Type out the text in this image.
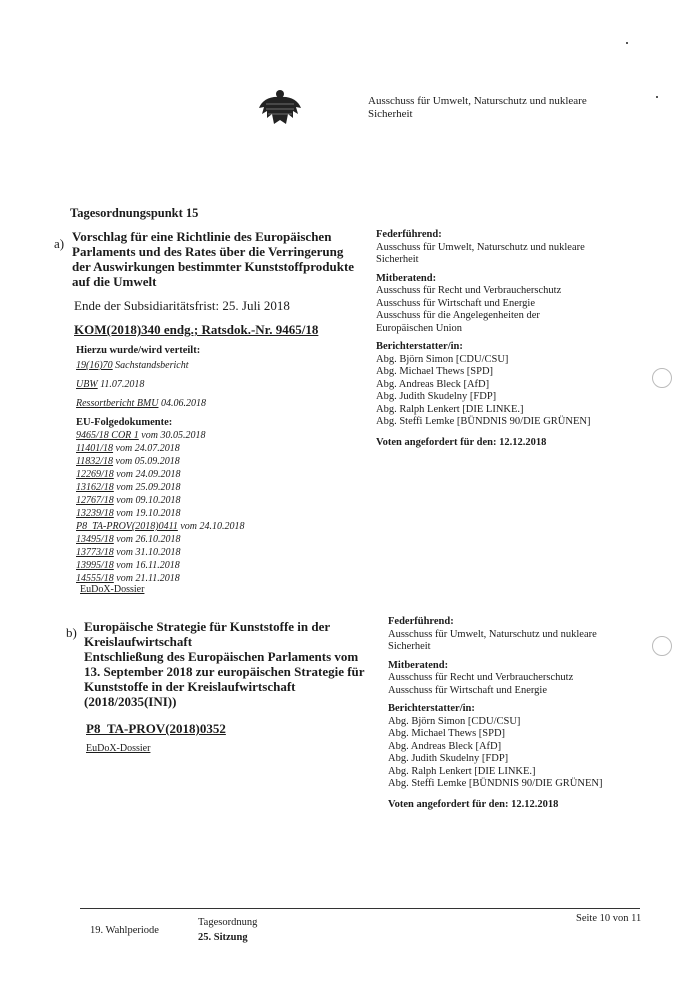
Ausschuss für Umwelt, Naturschutz und nukleare
Sicherheit
Tagesordnungspunkt 15
a) Vorschlag für eine Richtlinie des Europäischen
Parlaments und des Rates über die Verringerung
der Auswirkungen bestimmter Kunststoffprodukte
auf die Umwelt
Ende der Subsidiaritätsfrist: 25. Juli 2018
KOM(2018)340 endg.; Ratsdok.-Nr. 9465/18
Hierzu wurde/wird verteilt:
19(16)70 Sachstandsbericht
UBW 11.07.2018
Ressortbericht BMU 04.06.2018
EU-Folgedokumente:
9465/18 COR 1 vom 30.05.2018
11401/18 vom 24.07.2018
11832/18 vom 05.09.2018
12269/18 vom 24.09.2018
13162/18 vom 25.09.2018
12767/18 vom 09.10.2018
13239/18 vom 19.10.2018
P8_TA-PROV(2018)0411 vom 24.10.2018
13495/18 vom 26.10.2018
13773/18 vom 31.10.2018
13995/18 vom 16.11.2018
14555/18 vom 21.11.2018
EuDoX-Dossier
Federführend:
Ausschuss für Umwelt, Naturschutz und nukleare
Sicherheit
Mitberatend:
Ausschuss für Recht und Verbraucherschutz
Ausschuss für Wirtschaft und Energie
Ausschuss für die Angelegenheiten der
Europäischen Union
Berichterstatter/in:
Abg. Björn Simon [CDU/CSU]
Abg. Michael Thews [SPD]
Abg. Andreas Bleck [AfD]
Abg. Judith Skudelny [FDP]
Abg. Ralph Lenkert [DIE LINKE.]
Abg. Steffi Lemke [BÜNDNIS 90/DIE GRÜNEN]
Voten angefordert für den: 12.12.2018
b) Europäische Strategie für Kunststoffe in der
Kreislaufwirtschaft
Entschließung des Europäischen Parlaments vom
13. September 2018 zur europäischen Strategie für
Kunststoffe in der Kreislaufwirtschaft
(2018/2035(INI))
P8_TA-PROV(2018)0352
EuDoX-Dossier
Federführend:
Ausschuss für Umwelt, Naturschutz und nukleare
Sicherheit
Mitberatend:
Ausschuss für Recht und Verbraucherschutz
Ausschuss für Wirtschaft und Energie
Berichterstatter/in:
Abg. Björn Simon [CDU/CSU]
Abg. Michael Thews [SPD]
Abg. Andreas Bleck [AfD]
Abg. Judith Skudelny [FDP]
Abg. Ralph Lenkert [DIE LINKE.]
Abg. Steffi Lemke [BÜNDNIS 90/DIE GRÜNEN]
Voten angefordert für den: 12.12.2018
19. Wahlperiode
Tagesordnung
25. Sitzung
Seite 10 von 11
